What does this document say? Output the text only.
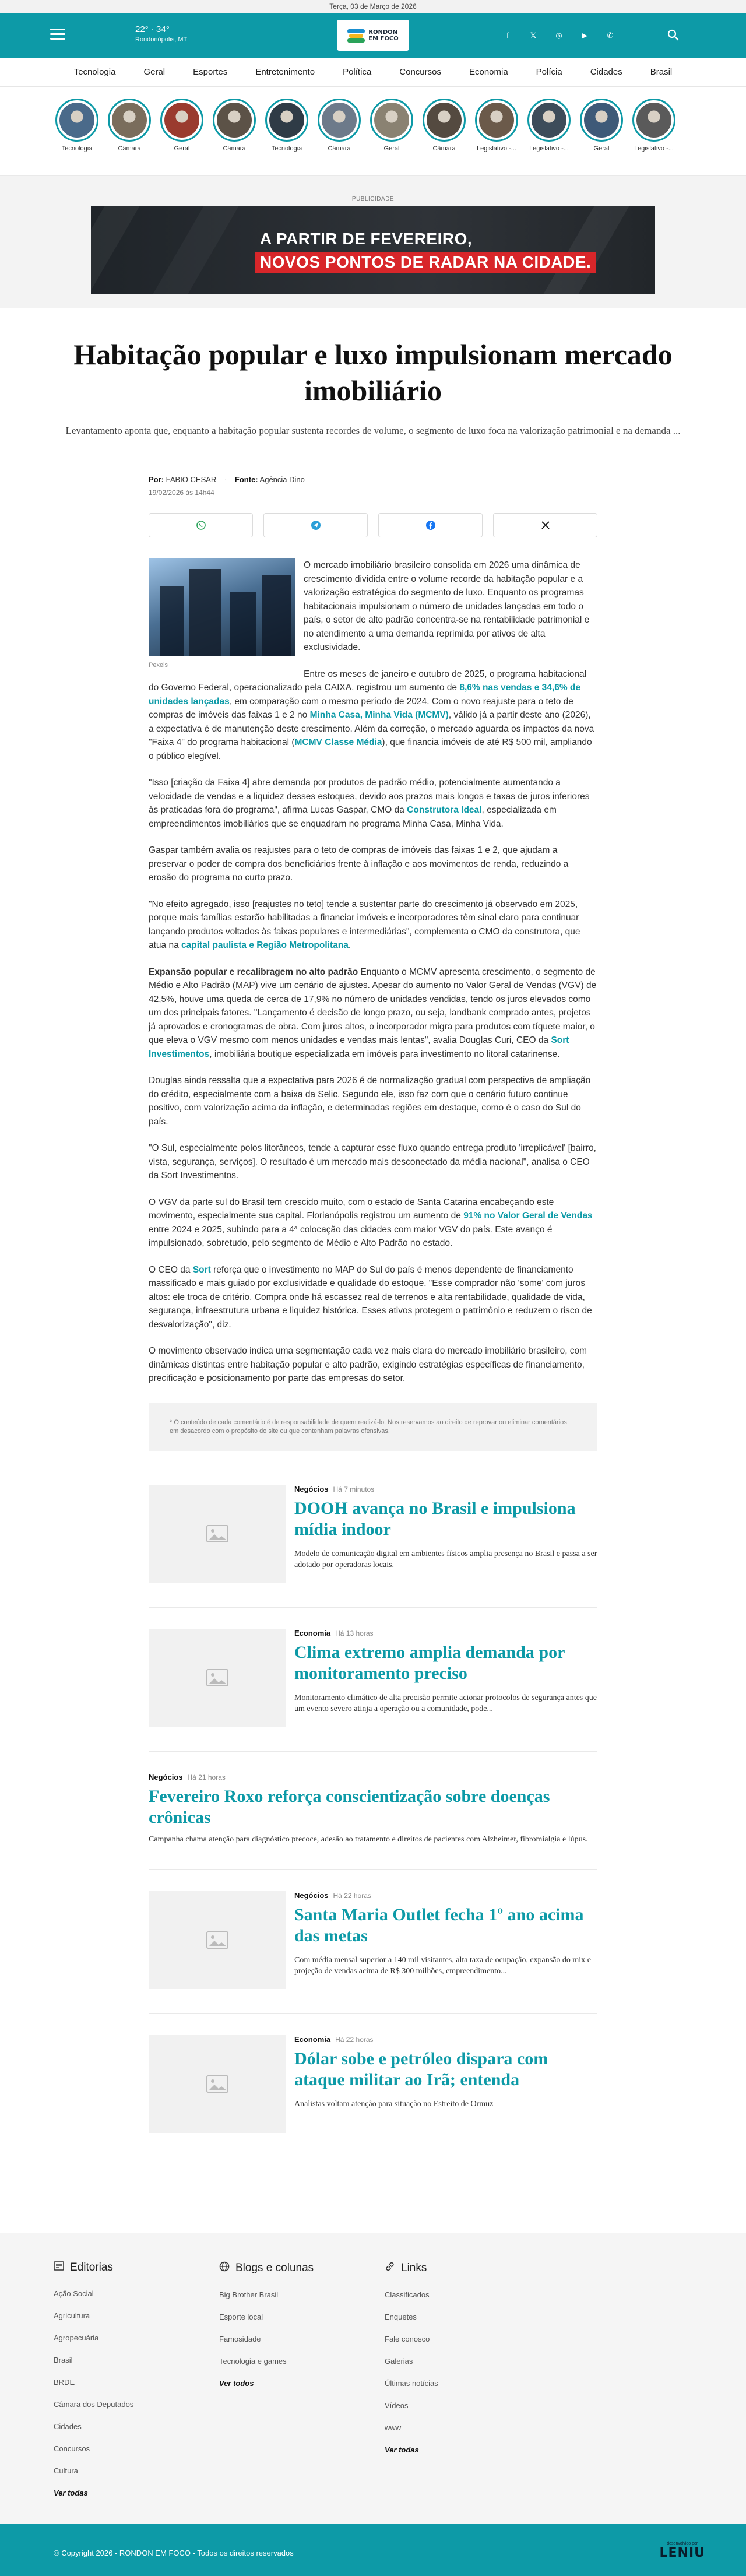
Terça, 03 de Março de 2026
22° · 34°
Rondonópolis, MT
RONDON
EM FOCO	f	𝕏	◎	▶	✆
Tecnologia	Geral	Esportes	Entretenimento	Política	Concursos	Economia	Polícia	Cidades	Brasil
Tecnologia	Câmara	Geral	Câmara	Tecnologia	Câmara	Geral	Câmara	Legislativo -... Legislativo -...	Geral	Legislativo -...
PUBLICIDADE
A PARTIR DE FEVEREIRO,
NOVOS PONTOS DE RADAR NA CIDADE.
Habitação popular e luxo impulsionam mercado imobiliário
Levantamento aponta que, enquanto a habitação popular sustenta recordes de volume, o segmento de luxo foca na valorização patrimonial e na demanda ...
Por: FABIO CESAR · Fonte: Agência Dino
19/02/2026 às 14h44
Pexels

O mercado imobiliário brasileiro consolida em 2026 uma dinâmica de crescimento dividida entre o volume recorde da habitação popular e a valorização estratégica do segmento de luxo. Enquanto os programas habitacionais impulsionam o número de unidades lançadas em todo o país, o setor de alto padrão concentra-se na rentabilidade patrimonial e no atendimento a uma demanda reprimida por ativos de alta exclusividade.

Entre os meses de janeiro e outubro de 2025, o programa habitacional do Governo Federal, operacionalizado pela CAIXA, registrou um aumento de 8,6% nas vendas e 34,6% de unidades lançadas, em comparação com o mesmo período de 2024. Com o novo reajuste para o teto de compras de imóveis das faixas 1 e 2 no Minha Casa, Minha Vida (MCMV), válido já a partir deste ano (2026), a expectativa é de manutenção deste crescimento. Além da correção, o mercado aguarda os impactos da nova "Faixa 4" do programa habitacional (MCMV Classe Média), que financia imóveis de até R$ 500 mil, ampliando o público elegível.

"Isso [criação da Faixa 4] abre demanda por produtos de padrão médio, potencialmente aumentando a velocidade de vendas e a liquidez desses estoques, devido aos prazos mais longos e taxas de juros inferiores às praticadas fora do programa", afirma Lucas Gaspar, CMO da Construtora Ideal, especializada em empreendimentos imobiliários que se enquadram no programa Minha Casa, Minha Vida.

Gaspar também avalia os reajustes para o teto de compras de imóveis das faixas 1 e 2, que ajudam a preservar o poder de compra dos beneficiários frente à inflação e aos movimentos de renda, reduzindo a erosão do programa no curto prazo.

"No efeito agregado, isso [reajustes no teto] tende a sustentar parte do crescimento já observado em 2025, porque mais famílias estarão habilitadas a financiar imóveis e incorporadores têm sinal claro para continuar lançando produtos voltados às faixas populares e intermediárias", complementa o CMO da construtora, que atua na capital paulista e Região Metropolitana.

Expansão popular e recalibragem no alto padrão Enquanto o MCMV apresenta crescimento, o segmento de Médio e Alto Padrão (MAP) vive um cenário de ajustes. Apesar do aumento no Valor Geral de Vendas (VGV) de 42,5%, houve uma queda de cerca de 17,9% no número de unidades vendidas, tendo os juros elevados como um dos principais fatores. "Lançamento é decisão de longo prazo, ou seja, landbank comprado antes, projetos já aprovados e cronogramas de obra. Com juros altos, o incorporador migra para produtos com tíquete maior, o que eleva o VGV mesmo com menos unidades e vendas mais lentas", avalia Douglas Curi, CEO da Sort Investimentos, imobiliária boutique especializada em imóveis para investimento no litoral catarinense.

Douglas ainda ressalta que a expectativa para 2026 é de normalização gradual com perspectiva de ampliação do crédito, especialmente com a baixa da Selic. Segundo ele, isso faz com que o cenário futuro continue positivo, com valorização acima da inflação, e determinadas regiões em destaque, como é o caso do Sul do país.

"O Sul, especialmente polos litorâneos, tende a capturar esse fluxo quando entrega produto 'irreplicável' [bairro, vista, segurança, serviços]. O resultado é um mercado mais desconectado da média nacional", analisa o CEO da Sort Investimentos.

O VGV da parte sul do Brasil tem crescido muito, com o estado de Santa Catarina encabeçando este movimento, especialmente sua capital. Florianópolis registrou um aumento de 91% no Valor Geral de Vendas entre 2024 e 2025, subindo para a 4ª colocação das cidades com maior VGV do país. Este avanço é impulsionado, sobretudo, pelo segmento de Médio e Alto Padrão no estado.

O CEO da Sort reforça que o investimento no MAP do Sul do país é menos dependente de financiamento massificado e mais guiado por exclusividade e qualidade do estoque. "Esse comprador não 'some' com juros altos: ele troca de critério. Compra onde há escassez real de terrenos e alta rentabilidade, qualidade de vida, segurança, infraestrutura urbana e liquidez histórica. Esses ativos protegem o patrimônio e reduzem o risco de desvalorização", diz.

O movimento observado indica uma segmentação cada vez mais clara do mercado imobiliário brasileiro, com dinâmicas distintas entre habitação popular e alto padrão, exigindo estratégias específicas de financiamento, precificação e posicionamento por parte das empresas do setor.

* O conteúdo de cada comentário é de responsabilidade de quem realizá-lo. Nos reservamos ao direito de reprovar ou eliminar comentários em desacordo com o propósito do site ou que contenham palavras ofensivas.
Negócios Há 7 minutos
DOOH avança no Brasil e impulsiona mídia indoor

Modelo de comunicação digital em ambientes físicos amplia presença no Brasil e passa a ser adotado por operadoras locais.

Economia Há 13 horas
Clima extremo amplia demanda por monitoramento preciso

Monitoramento climático de alta precisão permite acionar protocolos de segurança antes que um evento severo atinja a operação ou a comunidade, pode...

Negócios Há 21 horas
Fevereiro Roxo reforça conscientização sobre doenças crônicas

Campanha chama atenção para diagnóstico precoce, adesão ao tratamento e direitos de pacientes com Alzheimer, fibromialgia e lúpus.

Negócios Há 22 horas
Santa Maria Outlet fecha 1º ano acima das metas

Com média mensal superior a 140 mil visitantes, alta taxa de ocupação, expansão do mix e projeção de vendas acima de R$ 300 milhões, empreendimento...

Economia Há 22 horas
Dólar sobe e petróleo dispara com ataque militar ao Irã; entenda

Analistas voltam atenção para situação no Estreito de Ormuz

Editorias
Ação Social
Agricultura
Agropecuária
Brasil
BRDE
Câmara dos Deputados
Cidades
Concursos
Cultura
Ver todas
Blogs e colunas
Big Brother Brasil
Esporte local
Famosidade
Tecnologia e games
Ver todos
Links
Classificados
Enquetes
Fale conosco
Galerias
Últimas notícias
Vídeos
www
Ver todas
© Copyright 2026 - RONDON EM FOCO - Todos os direitos reservados
desenvolvido por
LENIU
